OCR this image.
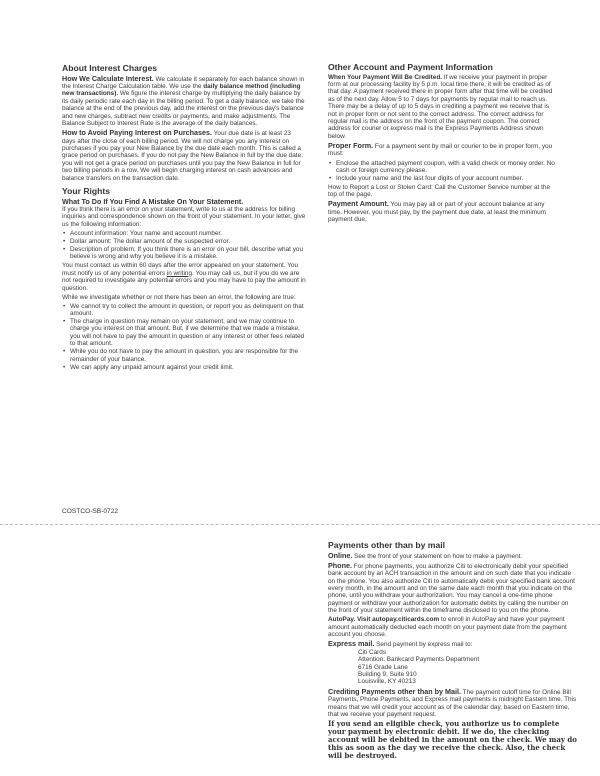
About Interest Charges
How We Calculate Interest. We calculate it separately for each balance shown in the Interest Charge Calculation table. We use the daily balance method (including new transactions). We figure the interest charge by multiplying the daily balance by its daily periodic rate each day in the billing period. To get a daily balance, we take the balance at the end of the previous day, add the interest on the previous day's balance and new charges, subtract new credits or payments, and make adjustments. The Balance Subject to Interest Rate is the average of the daily balances.
How to Avoid Paying Interest on Purchases. Your due date is at least 23 days after the close of each billing period. We will not charge you any interest on purchases if you pay your New Balance by the due date each month. This is called a grace period on purchases. If you do not pay the New Balance in full by the due date, you will not get a grace period on purchases until you pay the New Balance in full for two billing periods in a row. We will begin charging interest on cash advances and balance transfers on the transaction date.
Your Rights
What To Do If You Find A Mistake On Your Statement.

If you think there is an error on your statement, write to us at the address for billing inquiries and correspondence shown on the front of your statement. In your letter, give us the following information:

• Account information: Your name and account number.
• Dollar amount: The dollar amount of the suspected error.
• Description of problem: If you think there is an error on your bill, describe what you believe is wrong and why you believe it is a mistake.

You must contact us within 60 days after the error appeared on your statement. You must notify us of any potential errors in writing. You may call us, but if you do we are not required to investigate any potential errors and you may have to pay the amount in question.

While we investigate whether or not there has been an error, the following are true:

• We cannot try to collect the amount in question, or report you as delinquent on that amount.
• The charge in question may remain on your statement, and we may continue to charge you interest on that amount. But, if we determine that we made a mistake, you will not have to pay the amount in question or any interest or other fees related to that amount.
• While you do not have to pay the amount in question, you are responsible for the remainder of your balance.
• We can apply any unpaid amount against your credit limit.
Other Account and Payment Information
When Your Payment Will Be Credited. If we receive your payment in proper form at our processing facility by 5 p.m. local time there, it will be credited as of that day. A payment received there in proper form after that time will be credited as of the next day. Allow 5 to 7 days for payments by regular mail to reach us. There may be a delay of up to 5 days in crediting a payment we receive that is not in proper form or not sent to the correct address. The correct address for regular mail is the address on the front of the payment coupon. The correct address for courier or express mail is the Express Payments Address shown below.
Proper Form. For a payment sent by mail or courier to be in proper form, you must:
• Enclose the attached payment coupon, with a valid check or money order. No cash or foreign currency please.
• Include your name and the last four digits of your account number.

How to Report a Lost or Stolen Card: Call the Customer Service number at the top of the page.

Payment Amount. You may pay all or part of your account balance at any time. However, you must pay, by the payment due date, at least the minimum payment due.
COSTCO-SB-0722
Payments other than by mail
Online. See the front of your statement on how to make a payment.
Phone. For phone payments, you authorize Citi to electronically debit your specified bank account by an ACH transaction in the amount and on such date that you indicate on the phone. You also authorize Citi to automatically debit your specified bank account every month, in the amount and on the same date each month that you indicate on the phone, until you withdraw your authorization. You may cancel a one-time phone payment or withdraw your authorization for automatic debits by calling the number on the front of your statement within the timeframe disclosed to you on the phone.
AutoPay. Visit autopay.citicards.com to enroll in AutoPay and have your payment amount automatically deducted each month on your payment date from the payment account you choose.
Express mail. Send payment by express mail to:
Citi Cards
Attention: Bankcard Payments Department
6716 Grade Lane
Building 9, Suite 910
Louisville, KY 40213
Crediting Payments other than by Mail. The payment cutoff time for Online Bill Payments, Phone Payments, and Express mail payments is midnight Eastern time. This means that we will credit your account as of the calendar day, based on Eastern time, that we receive your payment request.
If you send an eligible check, you authorize us to complete your payment by electronic debit. If we do, the checking account will be debited in the amount on the check. We may do this as soon as the day we receive the check. Also, the check will be destroyed.
